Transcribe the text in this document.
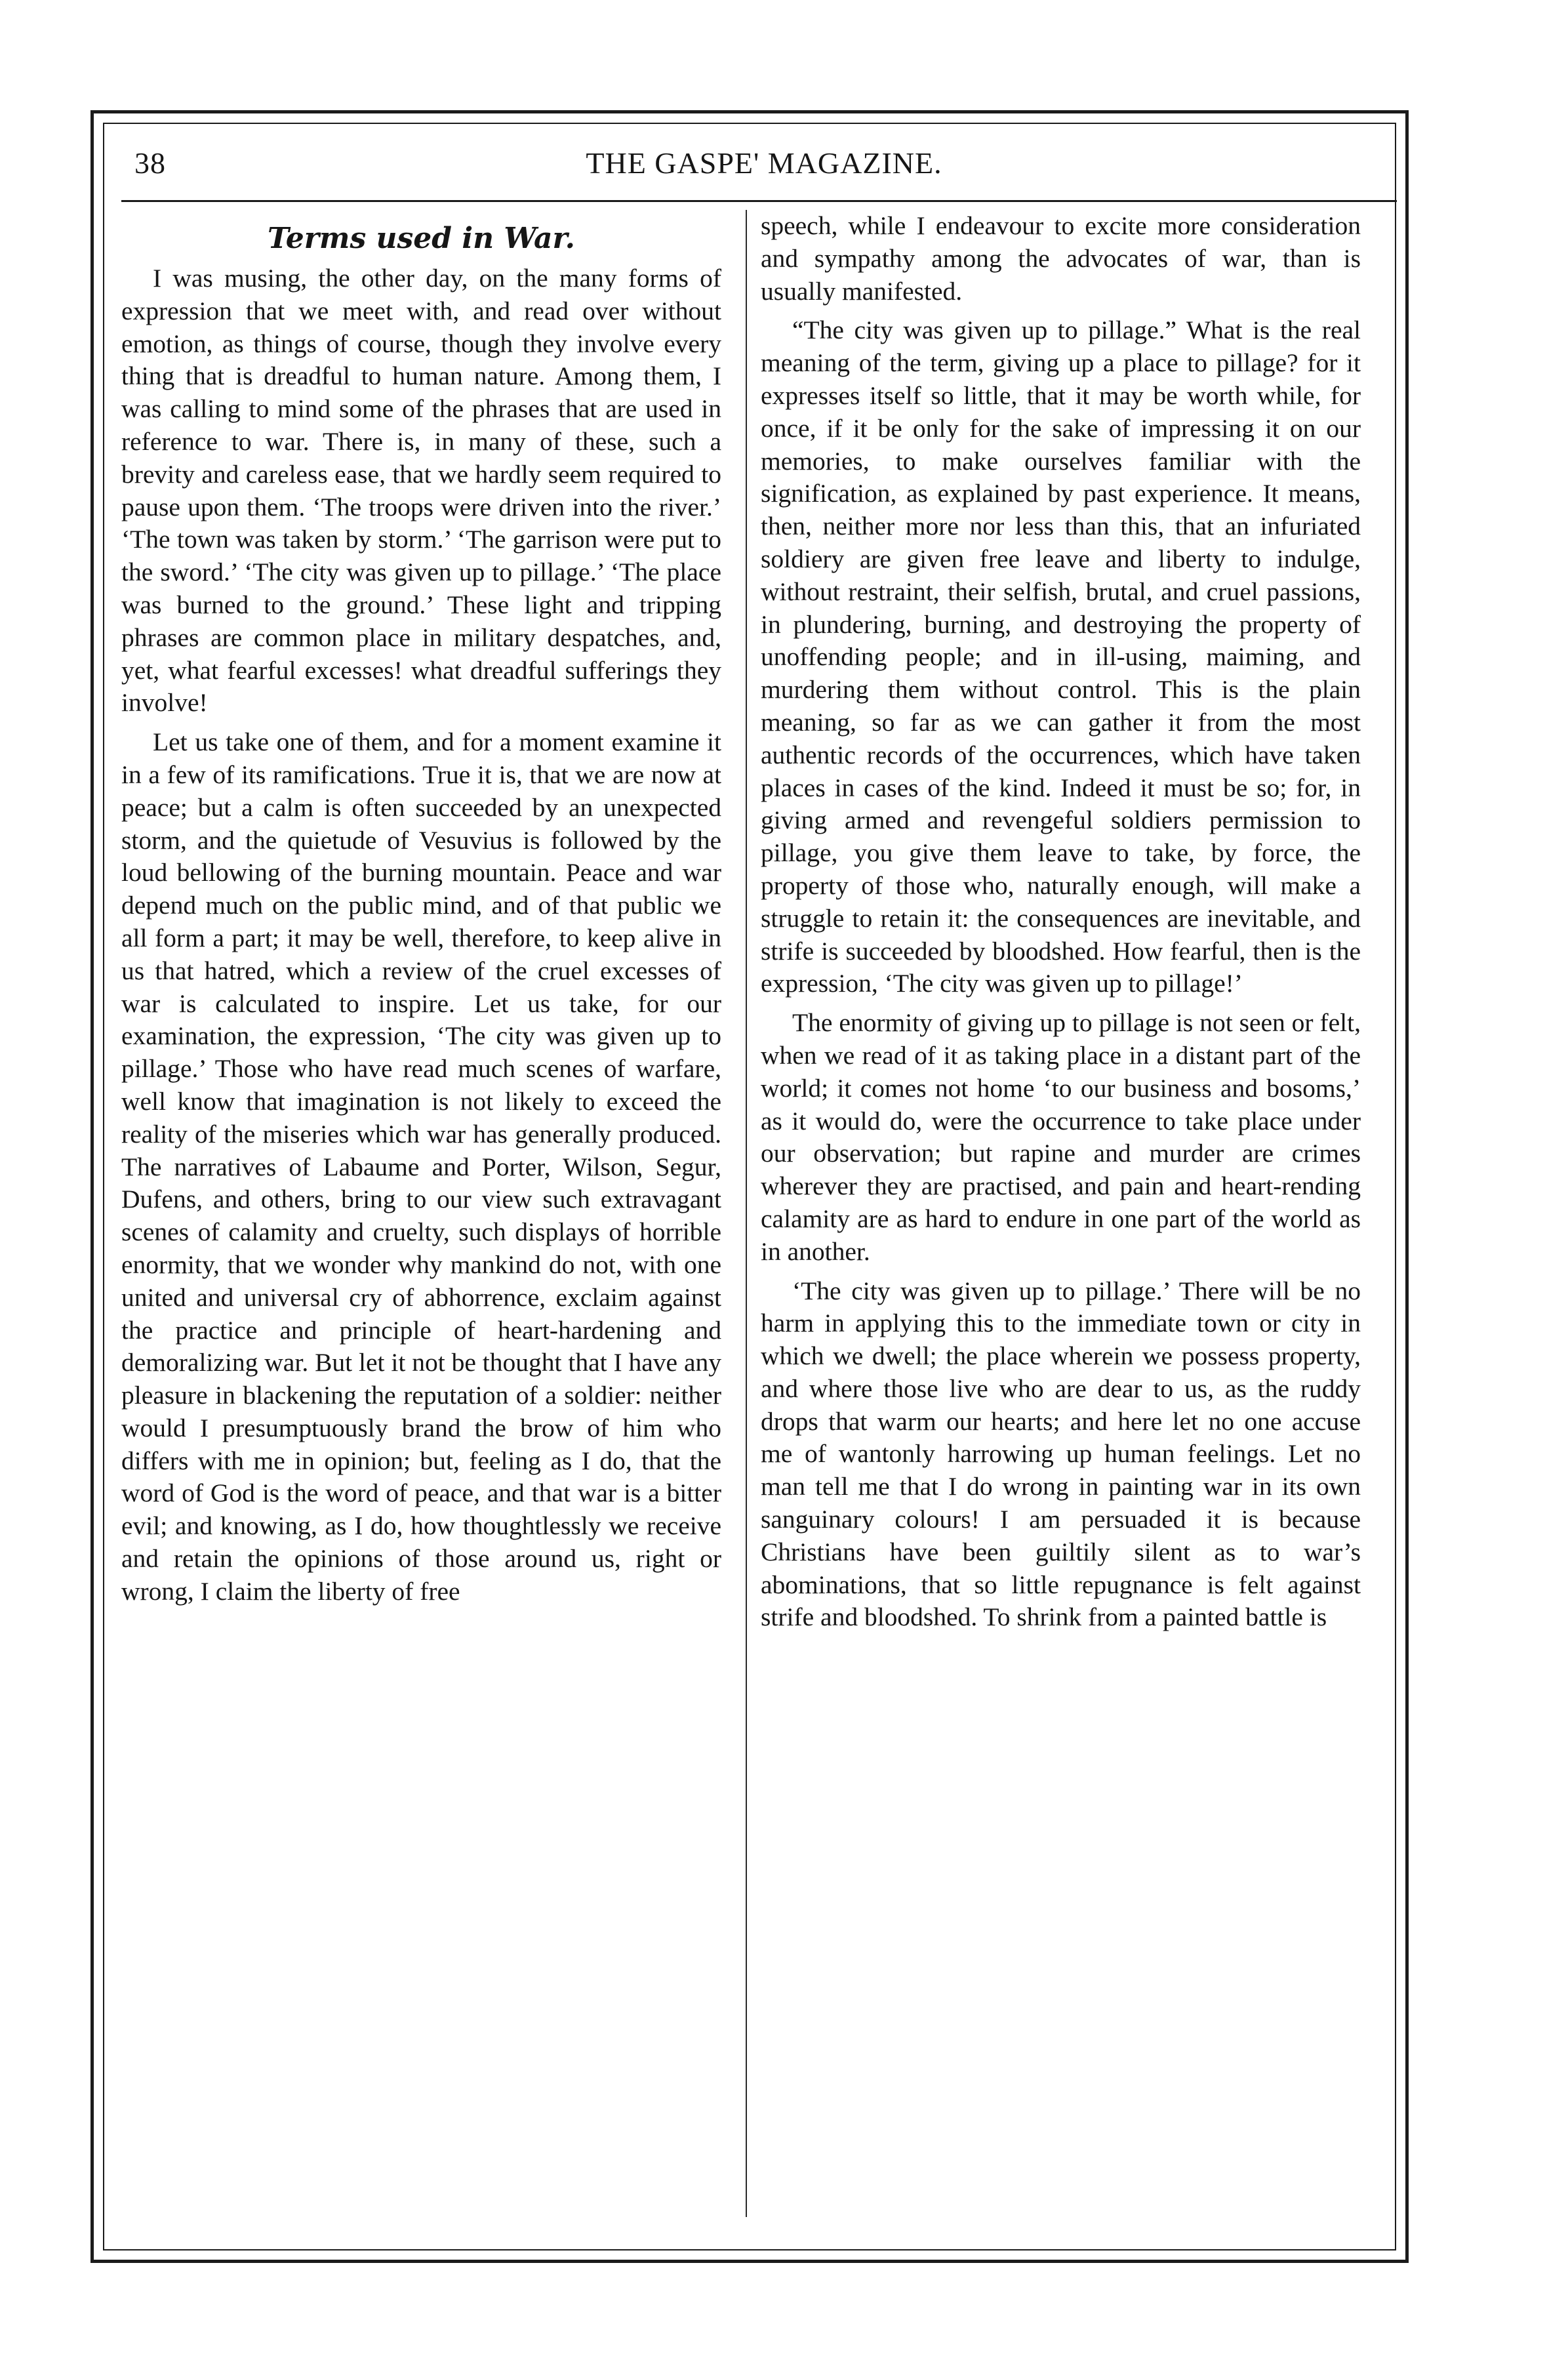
38	THE GASPE' MAGAZINE.
Terms used in War.

I was musing, the other day, on the many forms of expression that we meet with, and read over without emotion, as things of course, though they involve every thing that is dreadful to human nature. Among them, I was calling to mind some of the phrases that are used in reference to war. There is, in many of these, such a brevity and careless ease, that we hardly seem required to pause upon them. ‘The troops were driven into the river.’ ‘The town was taken by storm.’ ‘The garrison were put to the sword.’ ‘The city was given up to pillage.’ ‘The place was burned to the ground.’ These light and tripping phrases are common place in military despatches, and, yet, what fearful excesses! what dreadful sufferings they involve!

Let us take one of them, and for a moment examine it in a few of its ramifications. True it is, that we are now at peace; but a calm is often succeeded by an unexpected storm, and the quietude of Vesuvius is followed by the loud bellowing of the burning mountain. Peace and war depend much on the public mind, and of that public we all form a part; it may be well, therefore, to keep alive in us that hatred, which a review of the cruel excesses of war is calculated to inspire. Let us take, for our examination, the expression, ‘The city was given up to pillage.’ Those who have read much scenes of warfare, well know that imagination is not likely to exceed the reality of the miseries which war has generally produced. The narratives of Labaume and Porter, Wilson, Segur, Dufens, and others, bring to our view such extravagant scenes of calamity and cruelty, such displays of horrible enormity, that we wonder why mankind do not, with one united and universal cry of abhorrence, exclaim against the practice and principle of heart-hardening and demoralizing war. But let it not be thought that I have any pleasure in blackening the reputation of a soldier: neither would I presumptuously brand the brow of him who differs with me in opinion; but, feeling as I do, that the word of God is the word of peace, and that war is a bitter evil; and knowing, as I do, how thoughtlessly we receive and retain the opinions of those around us, right or wrong, I claim the liberty of free

speech, while I endeavour to excite more consideration and sympathy among the advocates of war, than is usually manifested.

“The city was given up to pillage.” What is the real meaning of the term, giving up a place to pillage? for it expresses itself so little, that it may be worth while, for once, if it be only for the sake of impressing it on our memories, to make ourselves familiar with the signification, as explained by past experience. It means, then, neither more nor less than this, that an infuriated soldiery are given free leave and liberty to indulge, without restraint, their selfish, brutal, and cruel passions, in plundering, burning, and destroying the property of unoffending people; and in ill-using, maiming, and murdering them without control. This is the plain meaning, so far as we can gather it from the most authentic records of the occurrences, which have taken places in cases of the kind. Indeed it must be so; for, in giving armed and revengeful soldiers permission to pillage, you give them leave to take, by force, the property of those who, naturally enough, will make a struggle to retain it: the consequences are inevitable, and strife is succeeded by bloodshed. How fearful, then is the expression, ‘The city was given up to pillage!’

The enormity of giving up to pillage is not seen or felt, when we read of it as taking place in a distant part of the world; it comes not home ‘to our business and bosoms,’ as it would do, were the occurrence to take place under our observation; but rapine and murder are crimes wherever they are practised, and pain and heart-rending calamity are as hard to endure in one part of the world as in another.

‘The city was given up to pillage.’ There will be no harm in applying this to the immediate town or city in which we dwell; the place wherein we possess property, and where those live who are dear to us, as the ruddy drops that warm our hearts; and here let no one accuse me of wantonly harrowing up human feelings. Let no man tell me that I do wrong in painting war in its own sanguinary colours! I am persuaded it is because Christians have been guiltily silent as to war’s abominations, that so little repugnance is felt against strife and bloodshed. To shrink from a painted battle is
